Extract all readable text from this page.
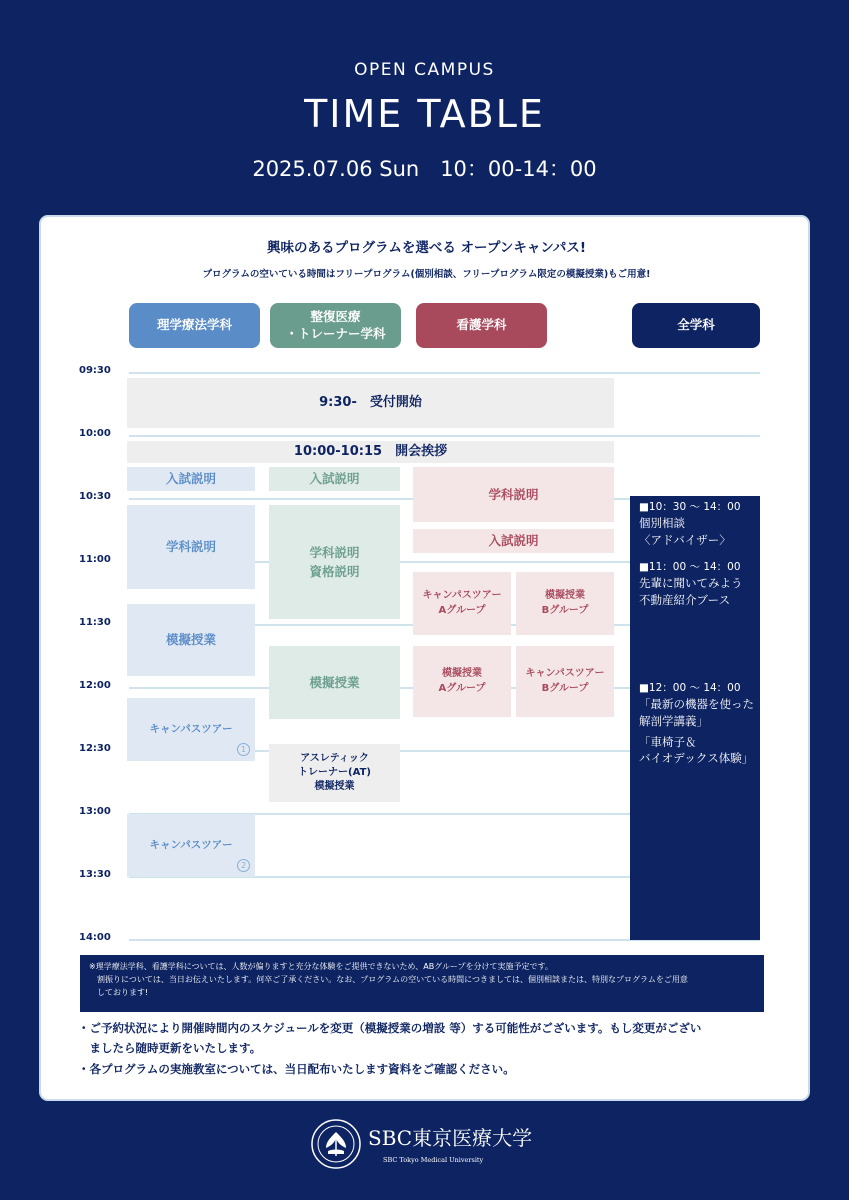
OPEN CAMPUS
TIME TABLE
2025.07.06 Sun　10：00-14：00
興味のあるプログラムを選べる オープンキャンパス!
プログラムの空いている時間はフリープログラム(個別相談、フリープログラム限定の模擬授業)もご用意!
理学療法学科
整復医療
・トレーナー学科
看護学科	全学科
09:30
10:00
10:30
11:00
11:30
12:00
12:30
13:00
13:30
14:00
9:30-　受付開始
10:00-10:15　開会挨拶
入試説明
学科説明
模擬授業
キャンパスツアー
1
キャンパスツアー
2
入試説明
学科説明
資格説明
模擬授業
アスレティック
トレーナー(AT)
模擬授業
学科説明
入試説明
キャンパスツアー
Aグループ
模擬授業
Bグループ
模擬授業
Aグループ
キャンパスツアー
Bグループ
■10：30 ～ 14：00
個別相談
〈アドバイザー〉
■11：00 ～ 14：00
先輩に聞いてみよう
不動産紹介ブース
■12：00 ～ 14：00
「最新の機器を使った
解剖学講義」
「車椅子＆
バイオデックス体験」
※理学療法学科、看護学科については、人数が偏りますと充分な体験をご提供できないため、ABグループを分けて実施予定です。
　割振りについては、当日お伝えいたします。何卒ご了承ください。なお、プログラムの空いている時間につきましては、個別相談または、特別なプログラムをご用意
　しております!
・ご予約状況により開催時間内のスケジュールを変更（模擬授業の増設 等）する可能性がございます。もし変更がござい
　ましたら随時更新をいたします。
・各プログラムの実施教室については、当日配布いたします資料をご確認ください。
SBC東京医療大学
SBC Tokyo Medical University
